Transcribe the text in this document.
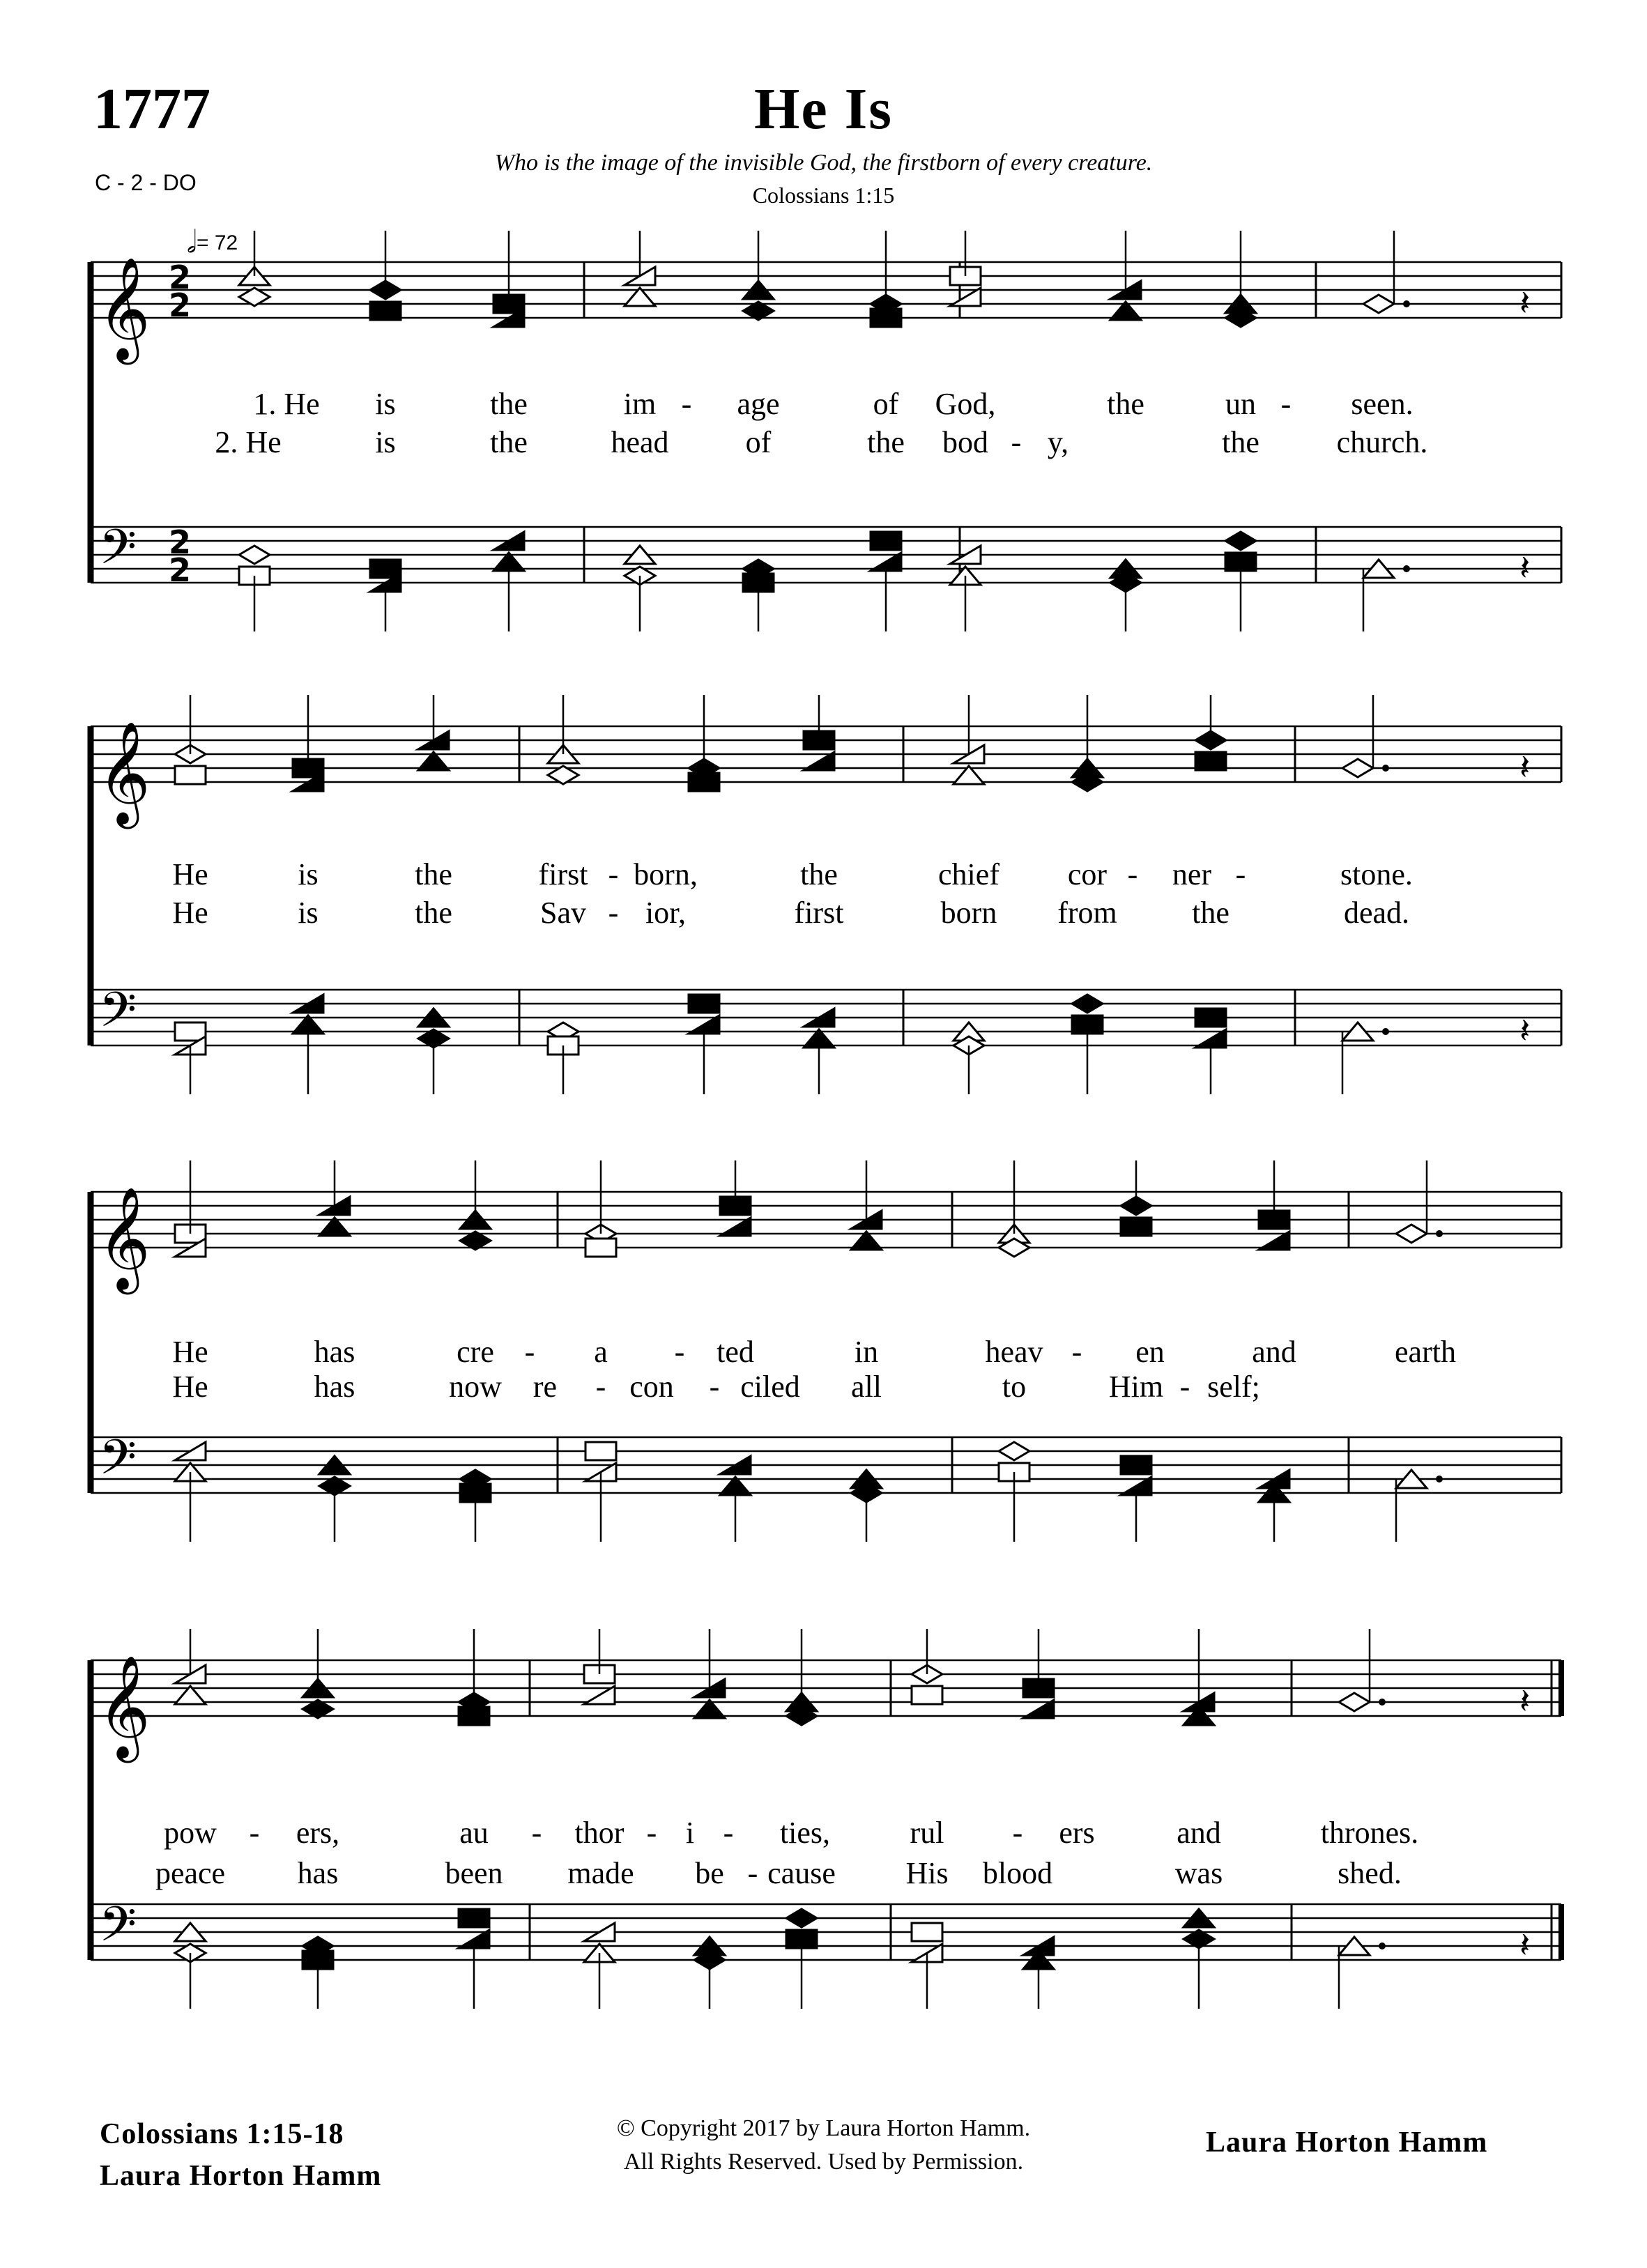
1777	He Is
Who is the image of the invisible God, the firstborn of every creature.
Colossians 1:15
C - 2 - DO
𝅗𝅥= 72
𝄞 2
2
𝄢 2
2
𝄽
𝄽
𝄞
𝄢
𝄽
𝄽
𝄞
𝄢
𝄞
𝄢
𝄽
𝄽
1. He is	the	im - age	of God,	the	un - seen.
2. He	is	the	head	of	the bod - y,	the	church.
He	is	the	first - born,	the	chief cor - ner -	stone.
He	is	the	Sav - ior,	first	born from the	dead.
He	has	cre - a - ted	in	heav - en	and	earth
He	has	now re - con - ciled all	to	Him - self;
pow - ers,	au - thor - i - ties,	rul - ers	and	thrones.
peace has	been made be - cause His blood	was	shed.
Colossians 1:15-18
Laura Horton Hamm
© Copyright 2017 by Laura Horton Hamm.
All Rights Reserved. Used by Permission.
Laura Horton Hamm
